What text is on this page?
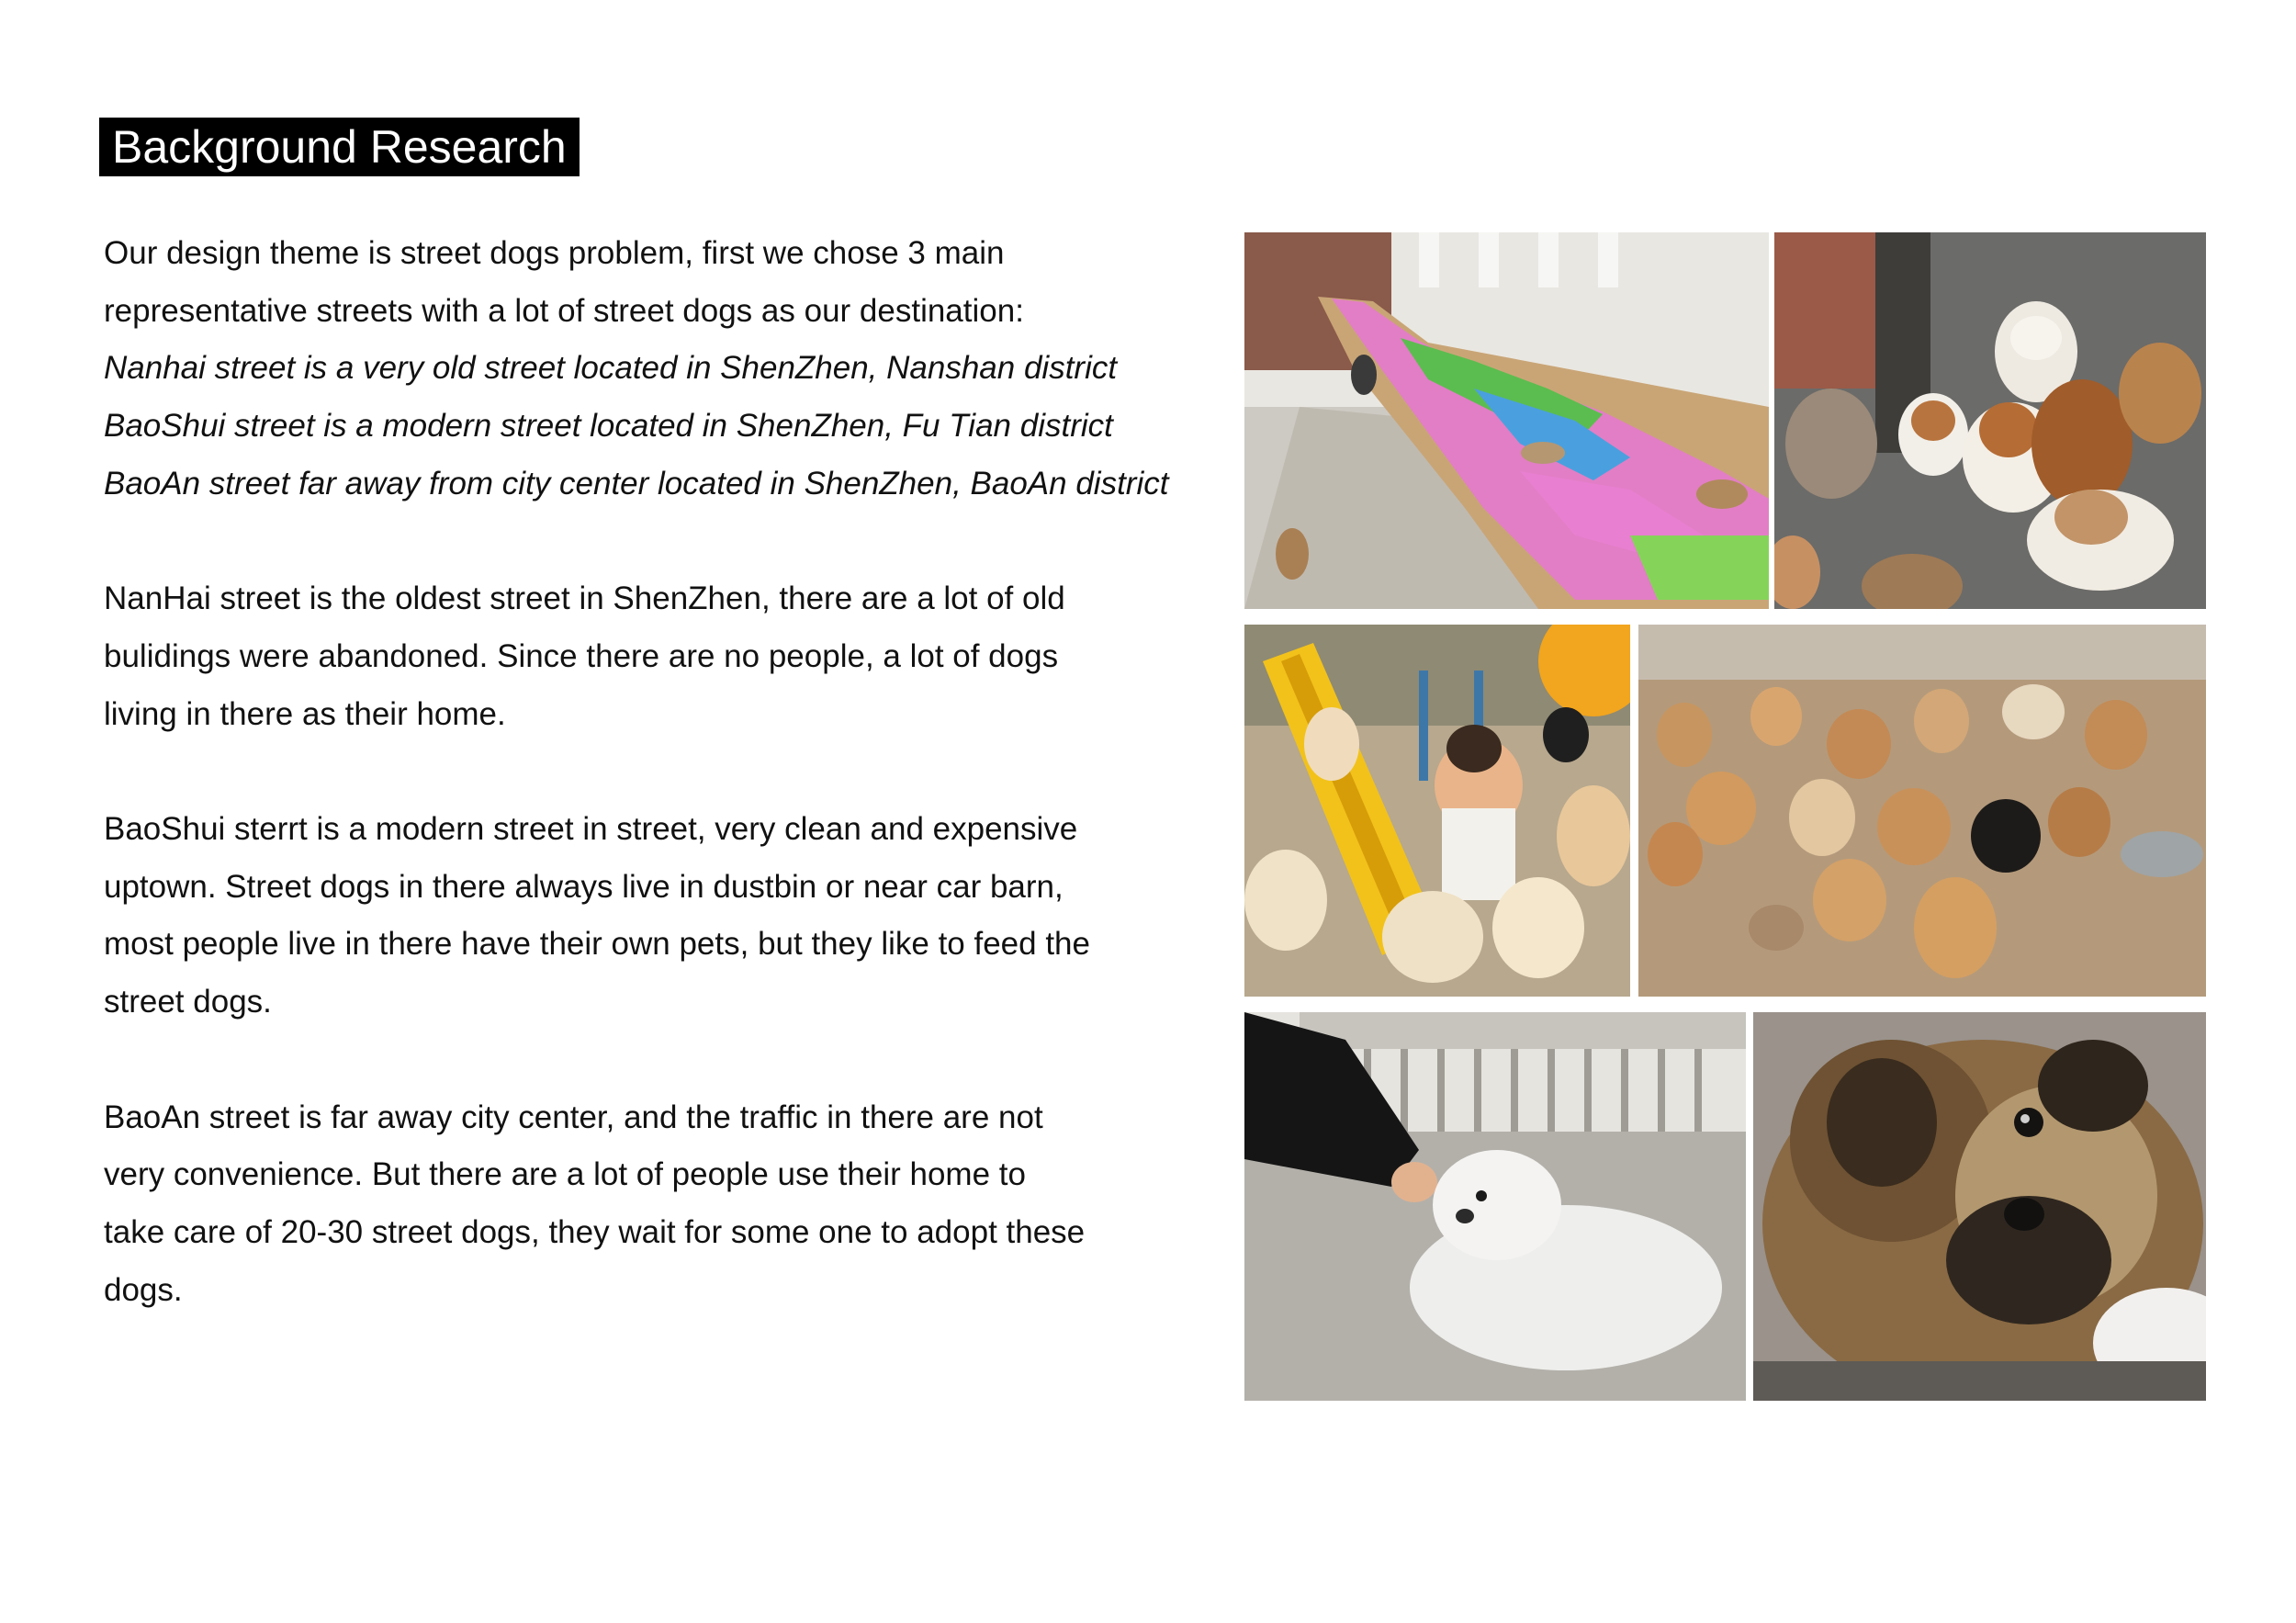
Background Research

Our design theme is street dogs problem, first we chose 3 main

representative streets with a lot of street dogs as our destination:

Nanhai street is a very old street located in ShenZhen, Nanshan district

BaoShui street is a modern street located in ShenZhen, Fu Tian district

BaoAn street far away from city center located in ShenZhen, BaoAn district

NanHai street is the oldest street in ShenZhen, there are a lot of old

bulidings were abandoned. Since there are no people, a lot of dogs

living in there as their home.

BaoShui sterrt is a modern street in street, very clean and expensive

uptown. Street dogs in there always live in dustbin or near car barn,

most people live in there have their own pets, but they like to feed the

street dogs.

BaoAn street is far away city center, and the traffic in there are not

very convenience. But there are a lot of people use their home to

take care of 20-30 street dogs, they wait for some one to adopt these

dogs.
